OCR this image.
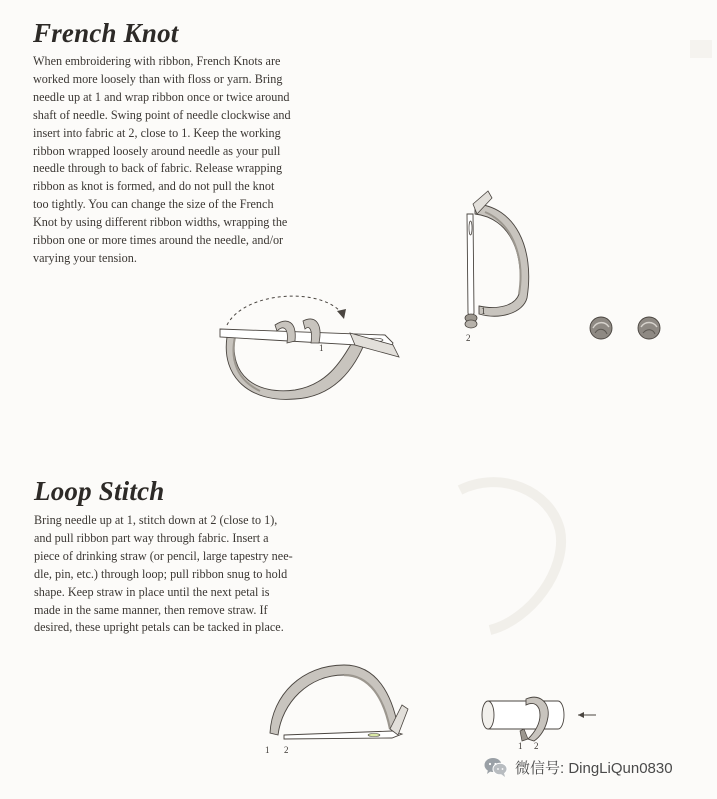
French Knot
When embroidering with ribbon, French Knots are
worked more loosely than with floss or yarn. Bring
needle up at 1 and wrap ribbon once or twice around
shaft of needle. Swing point of needle clockwise and
insert into fabric at 2, close to 1. Keep the working
ribbon wrapped loosely around needle as your pull
needle through to back of fabric. Release wrapping
ribbon as knot is formed, and do not pull the knot
too tightly. You can change the size of the French
Knot by using different ribbon widths, wrapping the
ribbon one or more times around the needle, and/or
varying your tension.
1
1
2
Loop Stitch
Bring needle up at 1, stitch down at 2 (close to 1),
and pull ribbon part way through fabric. Insert a
piece of drinking straw (or pencil, large tapestry nee-
dle, pin, etc.) through loop; pull ribbon snug to hold
shape. Keep straw in place until the next petal is
made in the same manner, then remove straw. If
desired, these upright petals can be tacked in place.
1 2	1 2
微信号: DingLiQun0830
